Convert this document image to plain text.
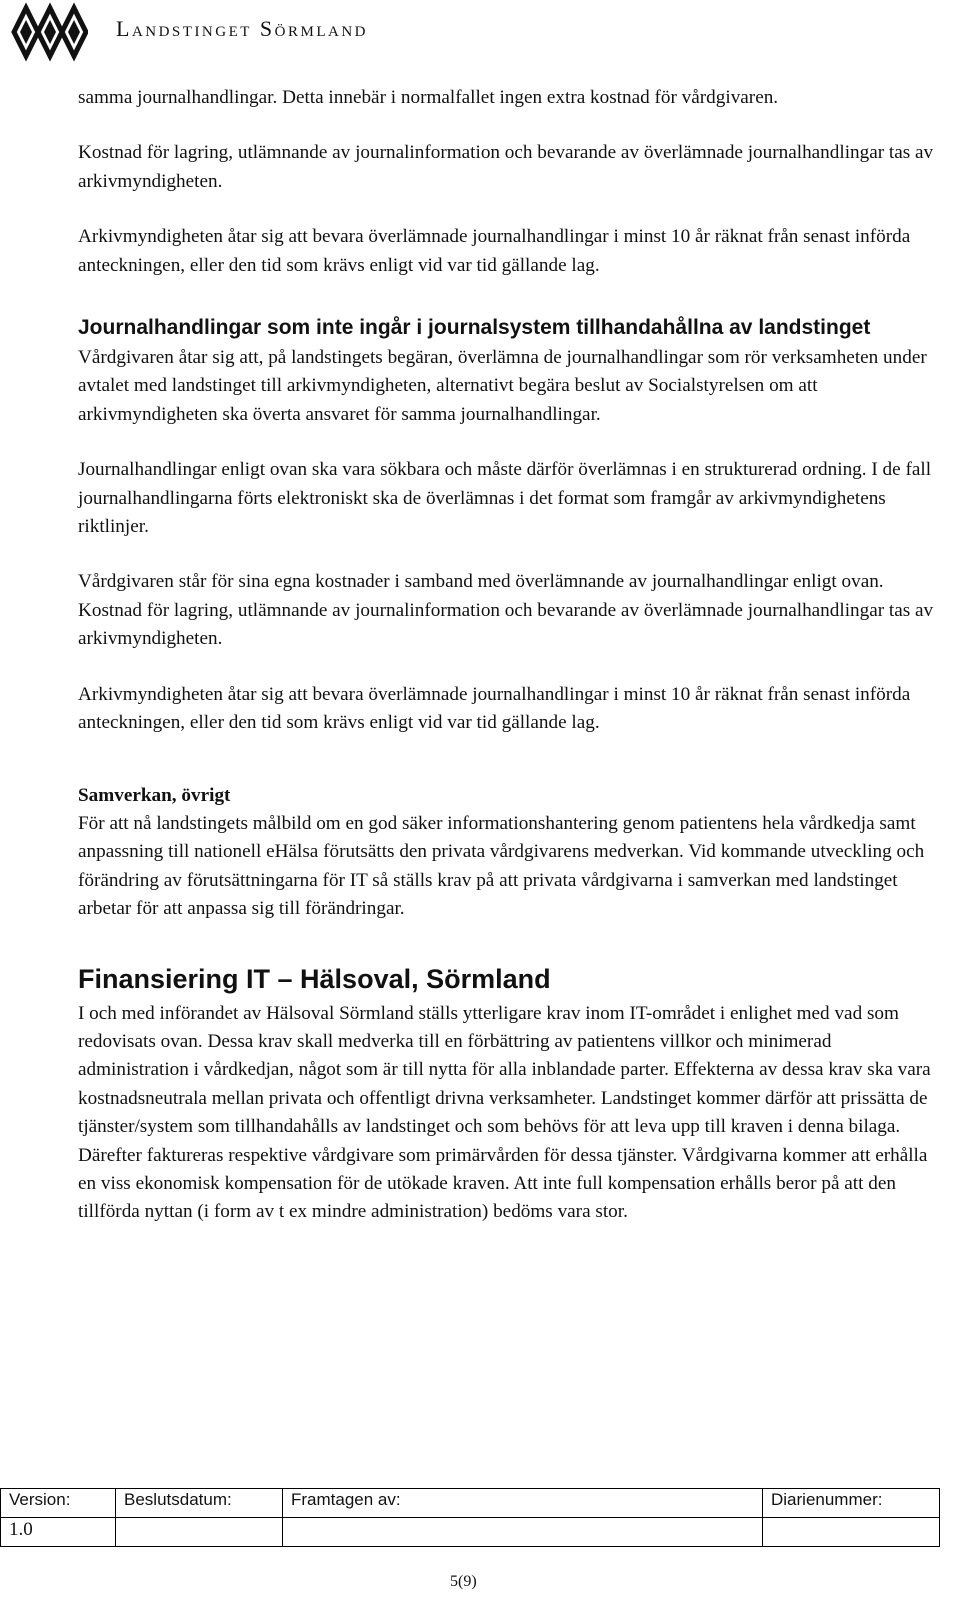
Landstinget Sörmland

samma journalhandlingar. Detta innebär i normalfallet ingen extra kostnad för vårdgivaren.

Kostnad för lagring, utlämnande av journalinformation och bevarande av överlämnade journalhandlingar tas av arkivmyndigheten.

Arkivmyndigheten åtar sig att bevara överlämnade journalhandlingar i minst 10 år räknat från senast införda anteckningen, eller den tid som krävs enligt vid var tid gällande lag.

Journalhandlingar som inte ingår i journalsystem tillhandahållna av landstinget

Vårdgivaren åtar sig att, på landstingets begäran, överlämna de journalhandlingar som rör verksamheten under avtalet med landstinget till arkivmyndigheten, alternativt begära beslut av Socialstyrelsen om att arkivmyndigheten ska överta ansvaret för samma journalhandlingar.

Journalhandlingar enligt ovan ska vara sökbara och måste därför överlämnas i en strukturerad ordning. I de fall journalhandlingarna förts elektroniskt ska de överlämnas i det format som framgår av arkivmyndighetens riktlinjer.

Vårdgivaren står för sina egna kostnader i samband med överlämnande av journalhandlingar enligt ovan. Kostnad för lagring, utlämnande av journalinformation och bevarande av överlämnade journalhandlingar tas av arkivmyndigheten.

Arkivmyndigheten åtar sig att bevara överlämnade journalhandlingar i minst 10 år räknat från senast införda anteckningen, eller den tid som krävs enligt vid var tid gällande lag.

Samverkan, övrigt

För att nå landstingets målbild om en god säker informationshantering genom patientens hela vårdkedja samt anpassning till nationell eHälsa förutsätts den privata vårdgivarens medverkan. Vid kommande utveckling och förändring av förutsättningarna för IT så ställs krav på att privata vårdgivarna i samverkan med landstinget arbetar för att anpassa sig till förändringar.

Finansiering IT – Hälsoval, Sörmland

I och med införandet av Hälsoval Sörmland ställs ytterligare krav inom IT-området i enlighet med vad som redovisats ovan. Dessa krav skall medverka till en förbättring av patientens villkor och minimerad administration i vårdkedjan, något som är till nytta för alla inblandade parter. Effekterna av dessa krav ska vara kostnadsneutrala mellan privata och offentligt drivna verksamheter. Landstinget kommer därför att prissätta de tjänster/system som tillhandahålls av landstinget och som behövs för att leva upp till kraven i denna bilaga. Därefter faktureras respektive vårdgivare som primärvården för dessa tjänster. Vårdgivarna kommer att erhålla en viss ekonomisk kompensation för de utökade kraven. Att inte full kompensation erhålls beror på att den tillförda nyttan (i form av t ex mindre administration) bedöms vara stor.

Version:	Beslutsdatum:	Framtagen av:	Diarienummer:
1.0			
5(9)
